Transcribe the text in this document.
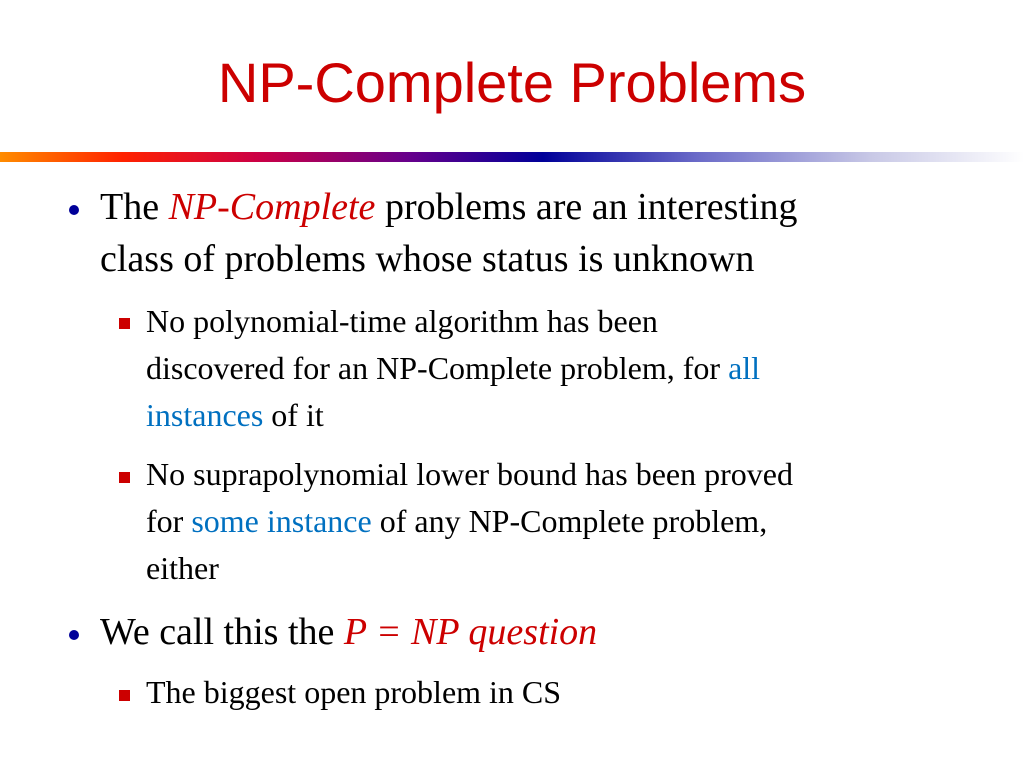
NP-Complete Problems
The NP-Complete problems are an interesting
class of problems whose status is unknown
No polynomial-time algorithm has been
discovered for an NP-Complete problem, for all
instances of it
No suprapolynomial lower bound has been proved
for some instance of any NP-Complete problem,
either
We call this the P = NP question
The biggest open problem in CS
